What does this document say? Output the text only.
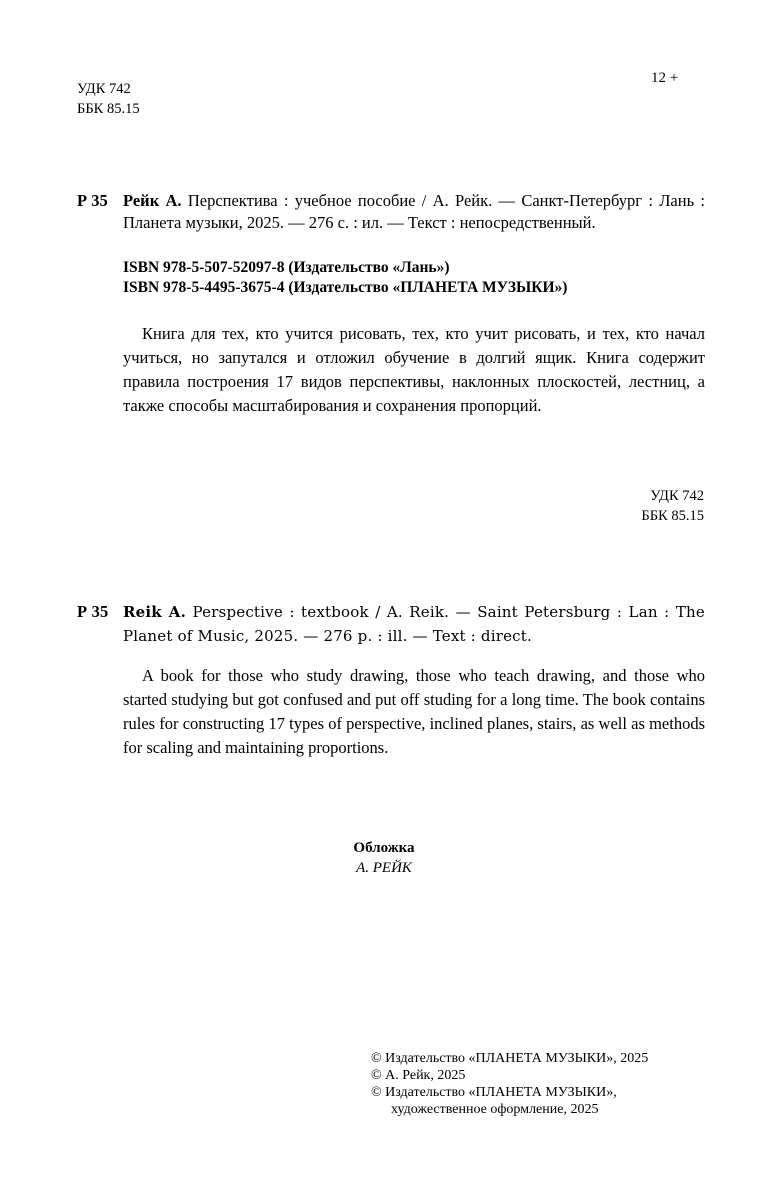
УДК 742
ББК 85.15
12 +
Р 35 Рейк А. Перспектива : учебное пособие / А. Рейк. — Санкт-Петербург : Лань : Планета музыки, 2025. — 276 с. : ил. — Текст : непосредственный.
ISBN 978-5-507-52097-8 (Издательство «Лань»)
ISBN 978-5-4495-3675-4 (Издательство «ПЛАНЕТА МУЗЫКИ»)
Книга для тех, кто учится рисовать, тех, кто учит рисовать, и тех, кто начал учиться, но запутался и отложил обучение в долгий ящик. Книга содержит правила построения 17 видов перспективы, наклонных плоскостей, лестниц, а также способы масштабирования и сохранения пропорций.
УДК 742
ББК 85.15
Р 35 Reik A. Perspective : textbook / A. Reik. — Saint Petersburg : Lan : The Planet of Music, 2025. — 276 p. : ill. — Text : direct.
A book for those who study drawing, those who teach drawing, and those who started studying but got confused and put off studing for a long time. The book contains rules for constructing 17 types of perspective, inclined planes, stairs, as well as methods for scaling and maintaining proportions.
Обложка
А. РЕЙК
© Издательство «ПЛАНЕТА МУЗЫКИ», 2025
© А. Рейк, 2025
© Издательство «ПЛАНЕТА МУЗЫКИ»,
художественное оформление, 2025
